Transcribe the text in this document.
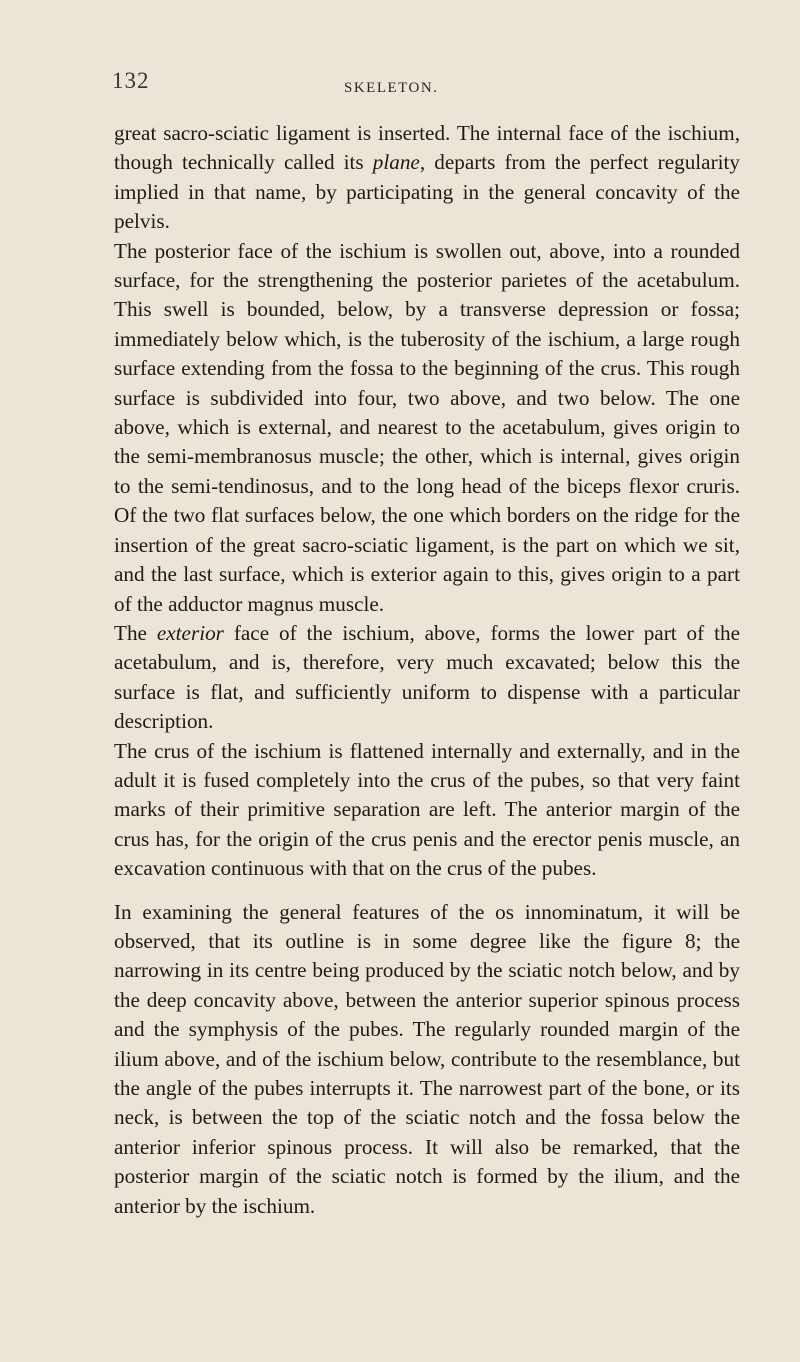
132	SKELETON.

great sacro-sciatic ligament is inserted. The internal face of the ischium, though technically called its plane, departs from the perfect regularity implied in that name, by participating in the general concavity of the pelvis.

The posterior face of the ischium is swollen out, above, into a rounded surface, for the strengthening the posterior parietes of the acetabulum. This swell is bounded, below, by a transverse depression or fossa; immediately below which, is the tuberosity of the ischium, a large rough surface extending from the fossa to the beginning of the crus. This rough surface is subdivided into four, two above, and two below. The one above, which is external, and nearest to the acetabulum, gives origin to the semi-membranosus muscle; the other, which is internal, gives origin to the semi-tendinosus, and to the long head of the biceps flexor cruris. Of the two flat surfaces below, the one which borders on the ridge for the insertion of the great sacro-sciatic ligament, is the part on which we sit, and the last surface, which is exterior again to this, gives origin to a part of the adductor magnus muscle.

The exterior face of the ischium, above, forms the lower part of the acetabulum, and is, therefore, very much excavated; below this the surface is flat, and sufficiently uniform to dispense with a particular description.

The crus of the ischium is flattened internally and externally, and in the adult it is fused completely into the crus of the pubes, so that very faint marks of their primitive separation are left. The anterior margin of the crus has, for the origin of the crus penis and the erector penis muscle, an excavation continuous with that on the crus of the pubes.

In examining the general features of the os innominatum, it will be observed, that its outline is in some degree like the figure 8; the narrowing in its centre being produced by the sciatic notch below, and by the deep concavity above, between the anterior superior spinous process and the symphysis of the pubes. The regularly rounded margin of the ilium above, and of the ischium below, contribute to the resemblance, but the angle of the pubes interrupts it. The narrowest part of the bone, or its neck, is between the top of the sciatic notch and the fossa below the anterior inferior spinous process. It will also be remarked, that the posterior margin of the sciatic notch is formed by the ilium, and the anterior by the ischium.
